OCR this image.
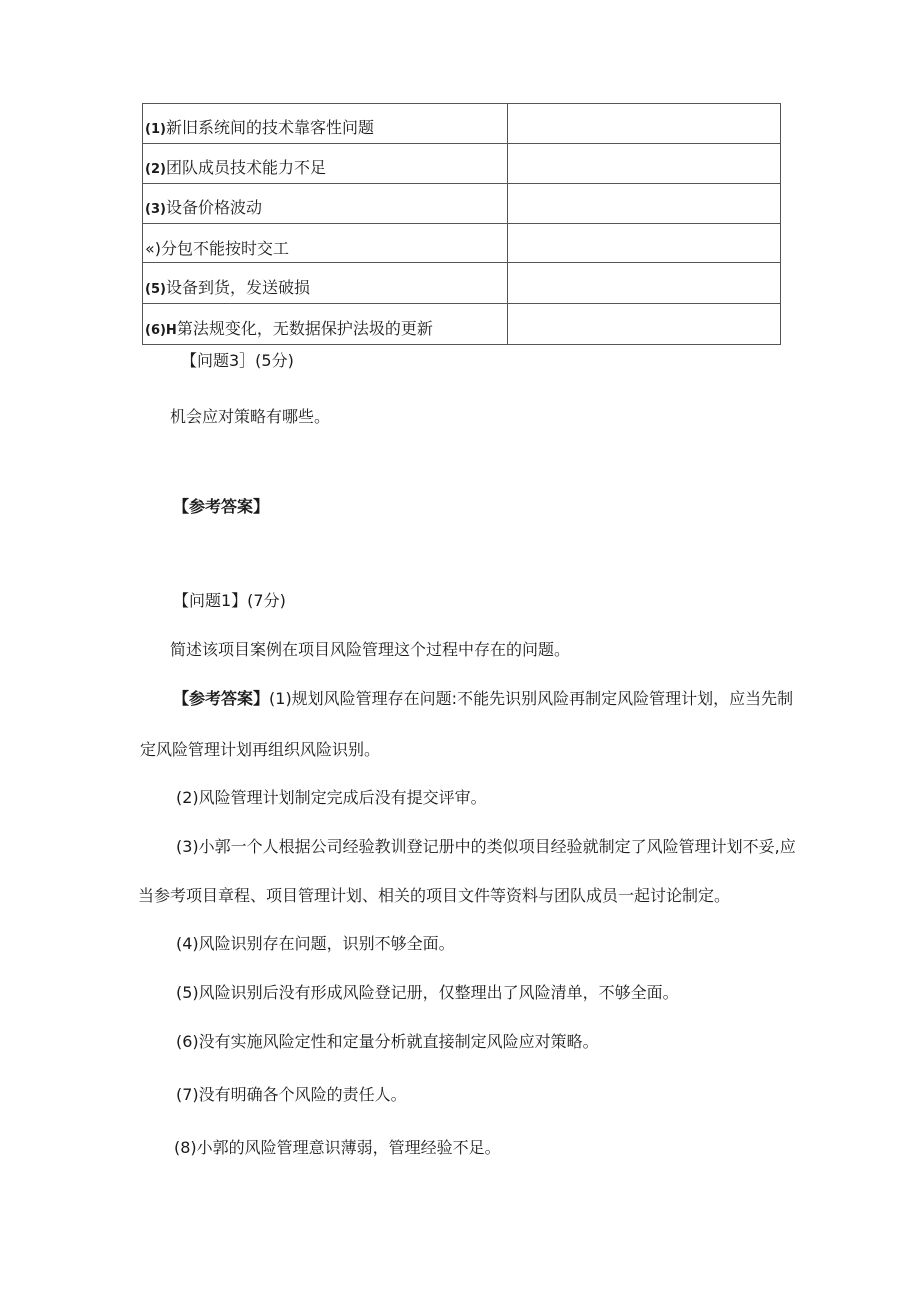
(1)新旧系统间的技术靠客性问题	
(2)团队成员技术能力不足	
(3)设备价格波动	
«)分包不能按时交工	
(5)设备到货，发送破损	
(6)H第法规变化，无数据保护法圾的更新	
【问题3］(5分)
机会应对策略有哪些。
【参考答案】
【问题1】(7分)
简述该项目案例在项目风险管理这个过程中存在的问题。
【参考答案】(1)规划风险管理存在问题:不能先识别风险再制定风险管理计划，应当先制
定风险管理计划再组织风险识别。
(2)风险管理计划制定完成后没有提交评审。
(3)小郭一个人根据公司经验教训登记册中的类似项目经验就制定了风险管理计划不妥,应
当参考项目章程、项目管理计划、相关的项目文件等资料与团队成员一起讨论制定。
(4)风险识别存在问题，识别不够全面。
(5)风险识别后没有形成风险登记册，仅整理出了风险清单，不够全面。
(6)没有实施风险定性和定量分析就直接制定风险应对策略。
(7)没有明确各个风险的责任人。
(8)小郭的风险管理意识薄弱，管理经验不足。
